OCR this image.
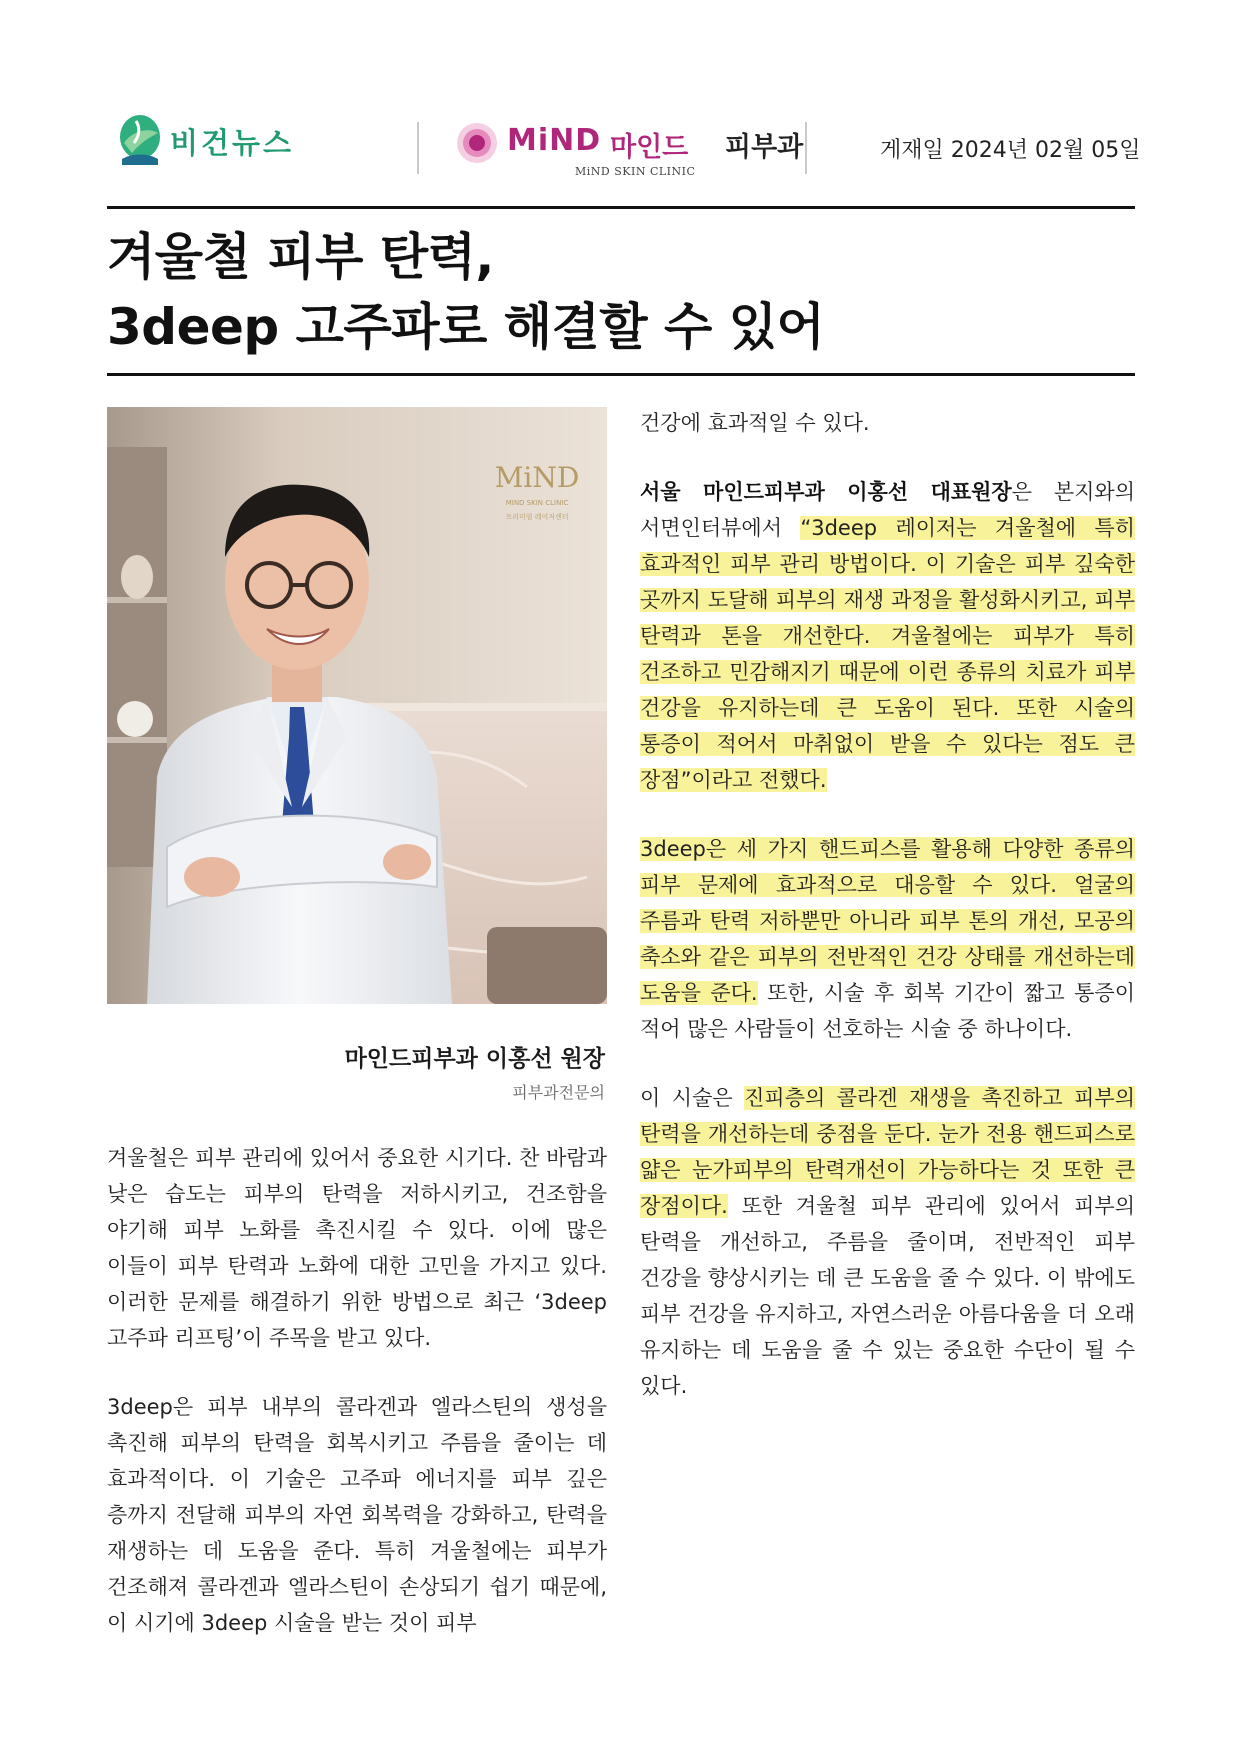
비건뉴스	MiND 마인드 피부과
MiND SKIN CLINIC
게재일 2024년 02월 05일
겨울철 피부 탄력,
3deep 고주파로 해결할 수 있어
MiND
MIND SKIN CLINIC
프리미엄 레이저센터
마인드피부과 이홍선 원장
피부과전문의

겨울철은 피부 관리에 있어서 중요한 시기다. 찬 바람과 낮은 습도는 피부의 탄력을 저하시키고, 건조함을 야기해 피부 노화를 촉진시킬 수 있다. 이에 많은 이들이 피부 탄력과 노화에 대한 고민을 가지고 있다. 이러한 문제를 해결하기 위한 방법으로 최근 ‘3deep 고주파 리프팅’이 주목을 받고 있다.

3deep은 피부 내부의 콜라겐과 엘라스틴의 생성을 촉진해 피부의 탄력을 회복시키고 주름을 줄이는 데 효과적이다. 이 기술은 고주파 에너지를 피부 깊은 층까지 전달해 피부의 자연 회복력을 강화하고, 탄력을 재생하는 데 도움을 준다. 특히 겨울철에는 피부가 건조해져 콜라겐과 엘라스틴이 손상되기 쉽기 때문에, 이 시기에 3deep 시술을 받는 것이 피부

건강에 효과적일 수 있다.

서울 마인드피부과 이홍선 대표원장은 본지와의 서면인터뷰에서 “3deep 레이저는 겨울철에 특히 효과적인 피부 관리 방법이다. 이 기술은 피부 깊숙한 곳까지 도달해 피부의 재생 과정을 활성화시키고, 피부 탄력과 톤을 개선한다. 겨울철에는 피부가 특히 건조하고 민감해지기 때문에 이런 종류의 치료가 피부 건강을 유지하는데 큰 도움이 된다. 또한 시술의 통증이 적어서 마취없이 받을 수 있다는 점도 큰 장점”이라고 전했다.

3deep은 세 가지 핸드피스를 활용해 다양한 종류의 피부 문제에 효과적으로 대응할 수 있다. 얼굴의 주름과 탄력 저하뿐만 아니라 피부 톤의 개선, 모공의 축소와 같은 피부의 전반적인 건강 상태를 개선하는데 도움을 준다. 또한, 시술 후 회복 기간이 짧고 통증이 적어 많은 사람들이 선호하는 시술 중 하나이다.

이 시술은 진피층의 콜라겐 재생을 촉진하고 피부의 탄력을 개선하는데 중점을 둔다. 눈가 전용 핸드피스로 얇은 눈가피부의 탄력개선이 가능하다는 것 또한 큰 장점이다. 또한 겨울철 피부 관리에 있어서 피부의 탄력을 개선하고, 주름을 줄이며, 전반적인 피부 건강을 향상시키는 데 큰 도움을 줄 수 있다. 이 밖에도 피부 건강을 유지하고, 자연스러운 아름다움을 더 오래 유지하는 데 도움을 줄 수 있는 중요한 수단이 될 수 있다.
